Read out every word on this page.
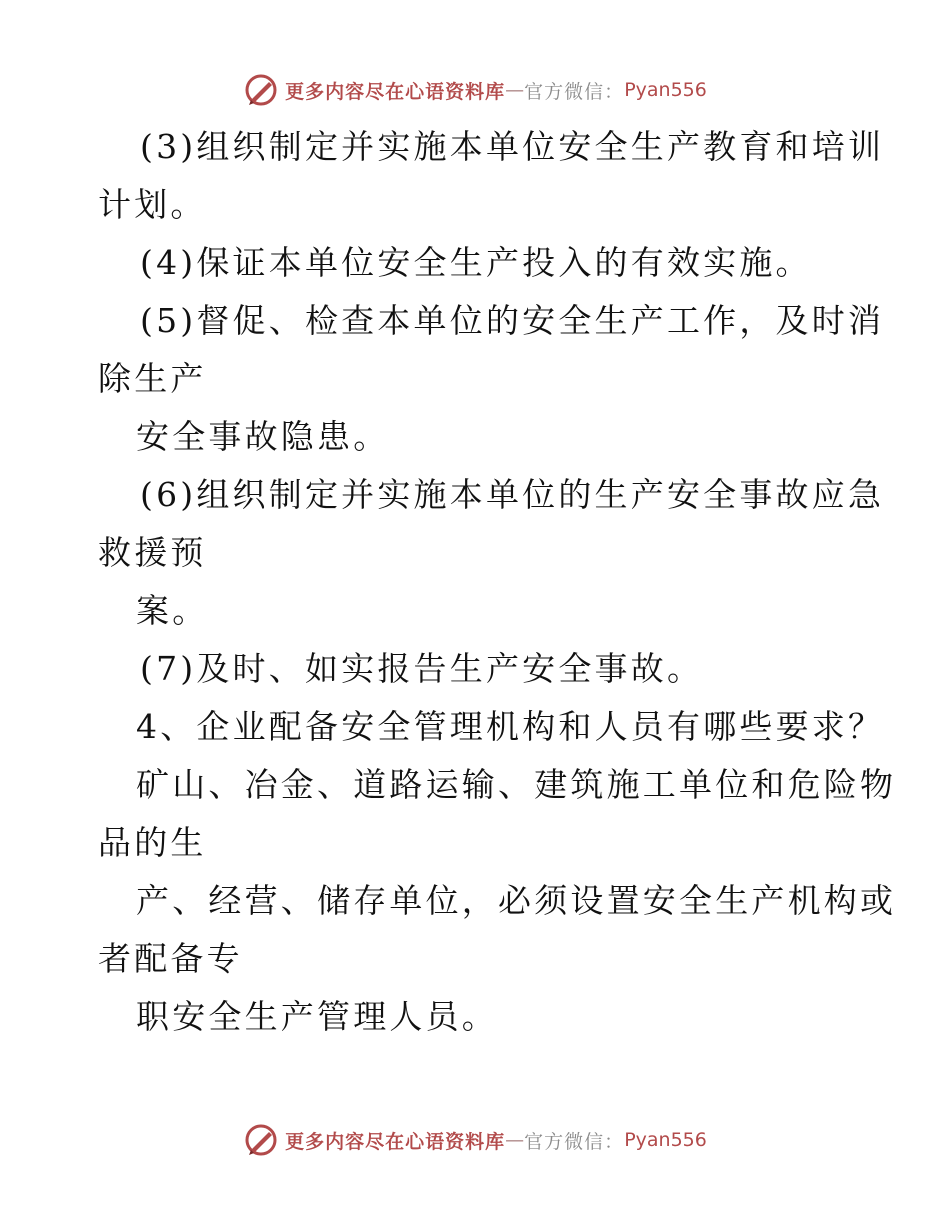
更多内容尽在心语资料库 — 官方微信： Pyan556
(3)组织制定并实施本单位安全生产教育和培训
计划。
(4)保证本单位安全生产投入的有效实施。
(5)督促、检查本单位的安全生产工作，及时消
除生产
安全事故隐患。
(6)组织制定并实施本单位的生产安全事故应急
救援预
案。
(7)及时、如实报告生产安全事故。
4、企业配备安全管理机构和人员有哪些要求？
矿山、冶金、道路运输、建筑施工单位和危险物
品的生
产、经营、储存单位，必须设置安全生产机构或
者配备专
职安全生产管理人员。
更多内容尽在心语资料库 — 官方微信： Pyan556
